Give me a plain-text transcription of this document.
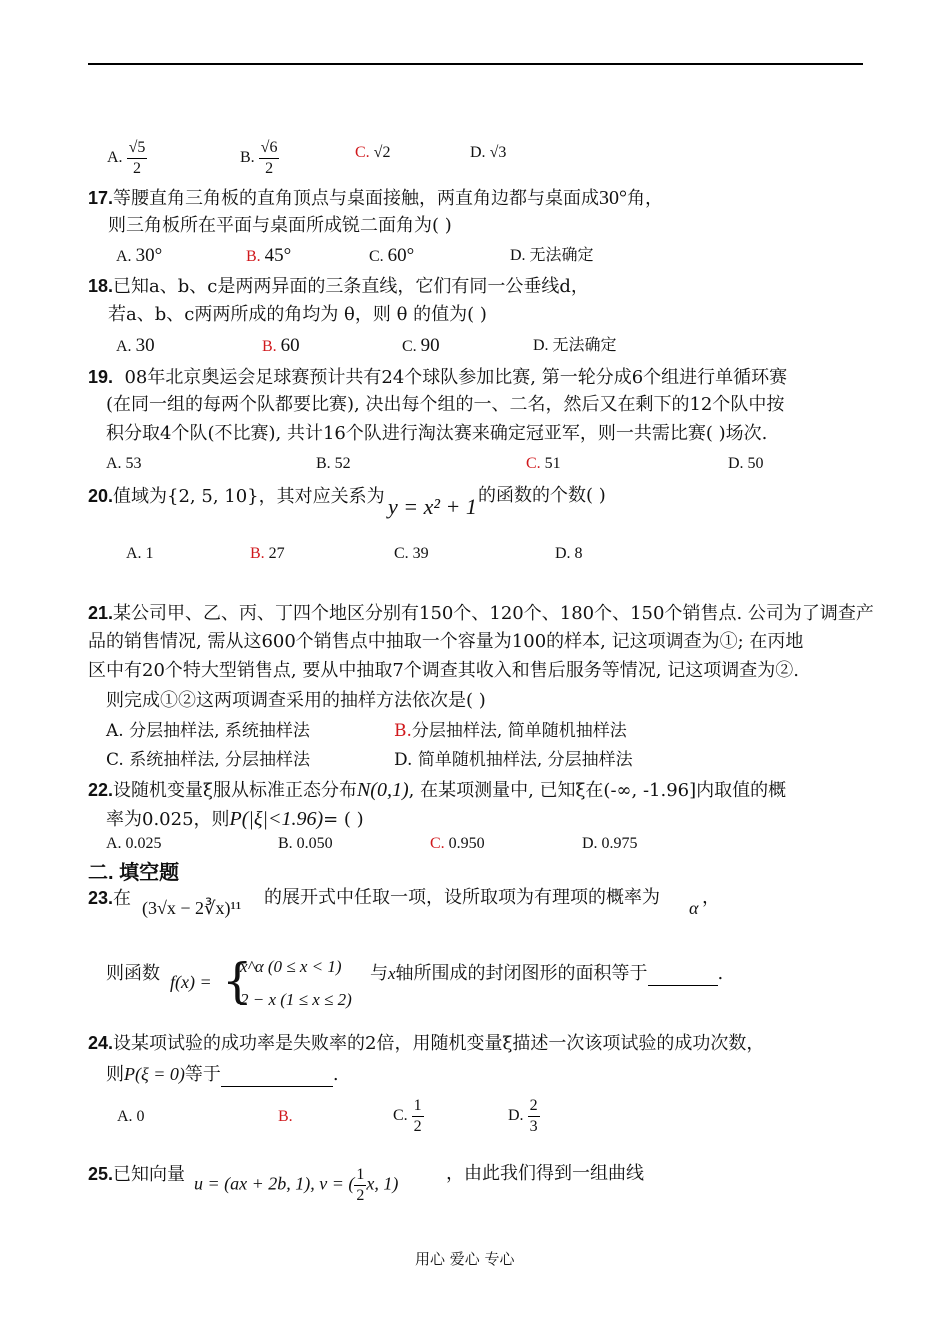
A. $\frac{√5}{2}$	B. $\frac{√6}{2}$	C. √2	D. √3
17.等腰直角三角板的直角顶点与桌面接触，两直角边都与桌面成30°角，
则三角板所在平面与桌面所成锐二面角为( )
A. 30°	B. 45°	C. 60°	D. 无法确定
18.已知a、b、c是两两异面的三条直线，它们有同一公垂线d，
若a、b、c两两所成的角均为 θ，则 θ 的值为( )
A. 30	B. 60	C. 90	D. 无法确定
19. 08年北京奥运会足球赛预计共有24个球队参加比赛, 第一轮分成6个组进行单循环赛
(在同一组的每两个队都要比赛), 决出每个组的一、二名，然后又在剩下的12个队中按
积分取4个队(不比赛), 共计16个队进行淘汰赛来确定冠亚军，则一共需比赛( )场次.
A. 53	B. 52	C. 51	D. 50
20.值域为{2, 5, 10}，其对应关系为 y = x² + 1 的函数的个数( )
A. 1	B. 27	C. 39	D. 8
21.某公司甲、乙、丙、丁四个地区分别有150个、120个、180个、150个销售点. 公司为了调查产
品的销售情况, 需从这600个销售点中抽取一个容量为100的样本, 记这项调查为①; 在丙地
区中有20个特大型销售点, 要从中抽取7个调查其收入和售后服务等情况, 记这项调查为②.
则完成①②这两项调查采用的抽样方法依次是( )
A. 分层抽样法, 系统抽样法	B.分层抽样法, 简单随机抽样法
C. 系统抽样法, 分层抽样法	D. 简单随机抽样法, 分层抽样法
22.设随机变量ξ服从标准正态分布N(0,1), 在某项测量中, 已知ξ在(-∞, -1.96]内取值的概
率为0.025，则P(|ξ|<1.96)= ( )
A. 0.025	B. 0.050	C. 0.950	D. 0.975
二. 填空题
23.在 (3√x − 2∛x)¹¹ 的展开式中任取一项，设所取项为有理项的概率为 α ，
则函数 f(x) = {
x^α (0 ≤ x < 1)
2 − x (1 ≤ x ≤ 2)
与x轴所围成的封闭图形的面积等于	.
24.设某项试验的成功率是失败率的2倍，用随机变量ξ描述一次该项试验的成功次数，
则P(ξ = 0)等于	.
A. 0	B.	C. $\frac{1}{2}$	D. $\frac{2}{3}$
25.已知向量 u = (ax + 2b, 1), v = ( $\frac{1}{2} x$, 1)	，由此我们得到一组曲线
用心 爱心 专心
